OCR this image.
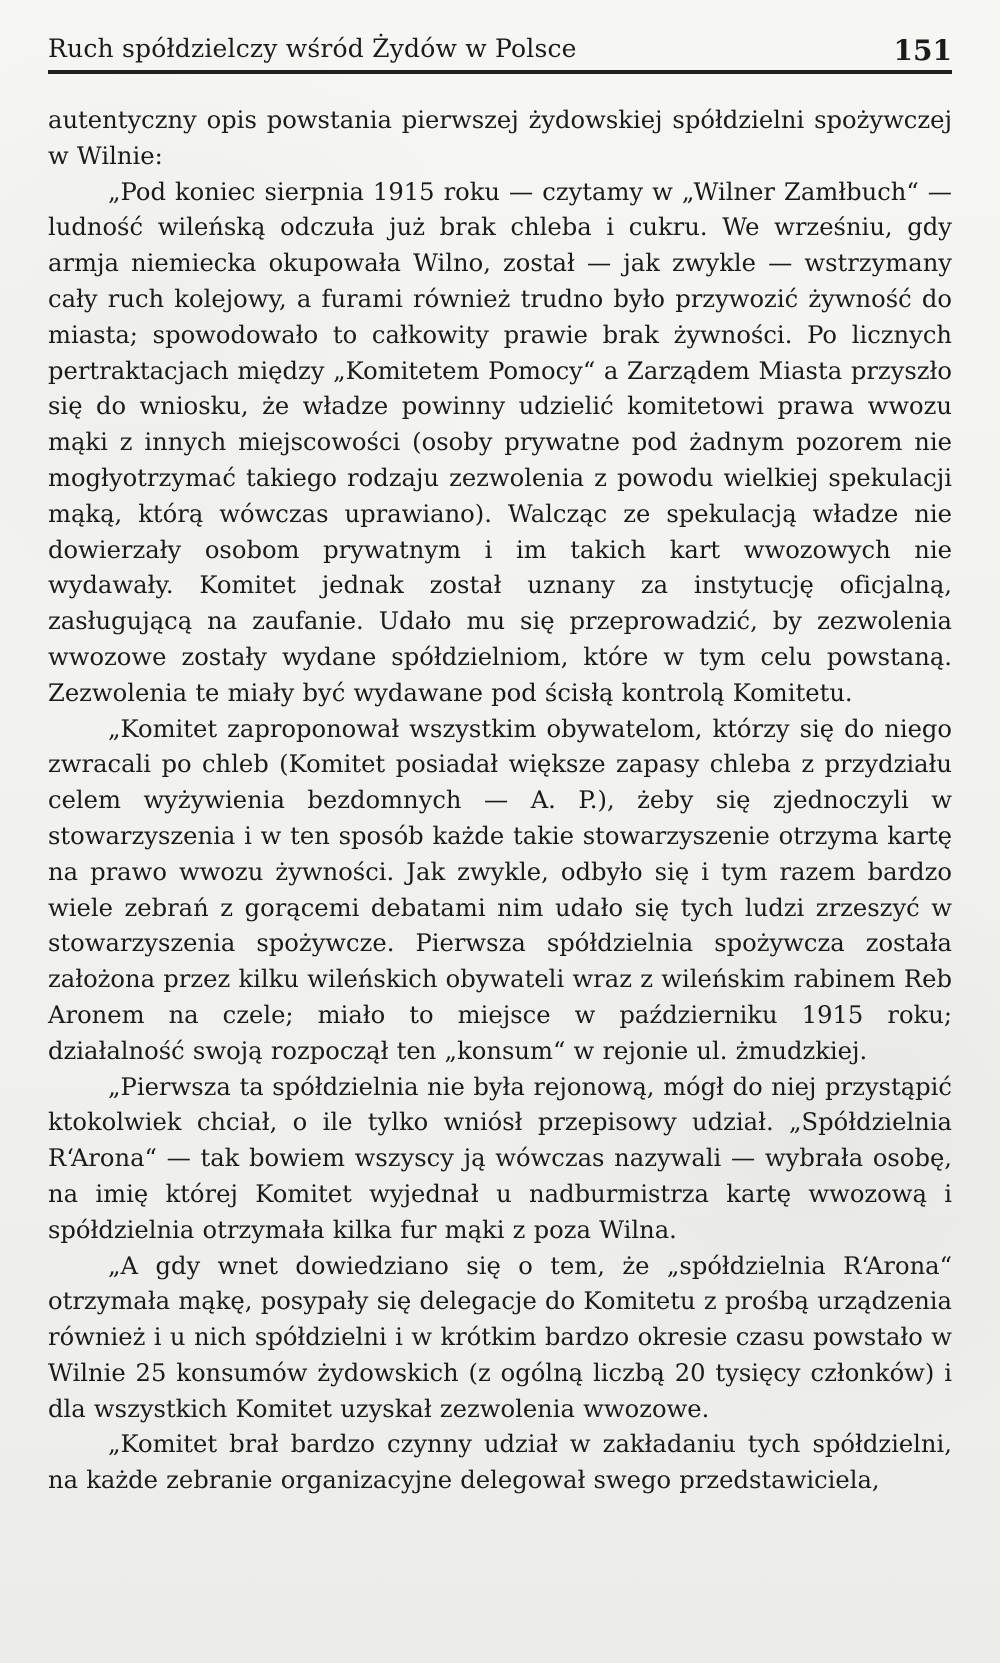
Ruch spółdzielczy wśród Żydów w Polsce	151

autentyczny opis powstania pierwszej żydowskiej spółdzielni spożywczej w Wilnie:

„Pod koniec sierpnia 1915 roku — czytamy w „Wilner Zamłbuch“ — ludność wileńską odczuła już brak chleba i cukru. We wrześniu, gdy armja niemiecka okupowała Wilno, został — jak zwykle — wstrzymany cały ruch kolejowy, a furami również trudno było przywozić żywność do miasta; spowodowało to całkowity prawie brak żywności. Po licznych pertraktacjach między „Komitetem Pomocy“ a Zarządem Miasta przyszło się do wniosku, że władze powinny udzielić komitetowi prawa wwozu mąki z innych miejscowości (osoby prywatne pod żadnym pozorem nie mogłyotrzymać takiego rodzaju zezwolenia z powodu wielkiej spekulacji mąką, którą wówczas uprawiano). Walcząc ze spekulacją władze nie dowierzały osobom prywatnym i im takich kart wwozowych nie wydawały. Komitet jednak został uznany za instytucję oficjalną, zasługującą na zaufanie. Udało mu się przeprowadzić, by zezwolenia wwozowe zostały wydane spółdzielniom, które w tym celu powstaną. Zezwolenia te miały być wydawane pod ścisłą kontrolą Komitetu.

„Komitet zaproponował wszystkim obywatelom, którzy się do niego zwracali po chleb (Komitet posiadał większe zapasy chleba z przydziału celem wyżywienia bezdomnych — A. P.), żeby się zjednoczyli w stowarzyszenia i w ten sposób każde takie stowarzyszenie otrzyma kartę na prawo wwozu żywności. Jak zwykle, odbyło się i tym razem bardzo wiele zebrań z gorącemi debatami nim udało się tych ludzi zrzeszyć w stowarzyszenia spożywcze. Pierwsza spółdzielnia spożywcza została założona przez kilku wileńskich obywateli wraz z wileńskim rabinem Reb Aronem na czele; miało to miejsce w październiku 1915 roku; działalność swoją rozpoczął ten „konsum“ w rejonie ul. żmudzkiej.

„Pierwsza ta spółdzielnia nie była rejonową, mógł do niej przystąpić ktokolwiek chciał, o ile tylko wniósł przepisowy udział. „Spółdzielnia R‘Arona“ — tak bowiem wszyscy ją wówczas nazywali — wybrała osobę, na imię której Komitet wyjednał u nadburmistrza kartę wwozową i spółdzielnia otrzymała kilka fur mąki z poza Wilna.

„A gdy wnet dowiedziano się o tem, że „spółdzielnia R‘Arona“ otrzymała mąkę, posypały się delegacje do Komitetu z prośbą urządzenia również i u nich spółdzielni i w krótkim bardzo okresie czasu powstało w Wilnie 25 konsumów żydowskich (z ogólną liczbą 20 tysięcy członków) i dla wszystkich Komitet uzyskał zezwolenia wwozowe.

„Komitet brał bardzo czynny udział w zakładaniu tych spółdzielni, na każde zebranie organizacyjne delegował swego przedstawiciela,
